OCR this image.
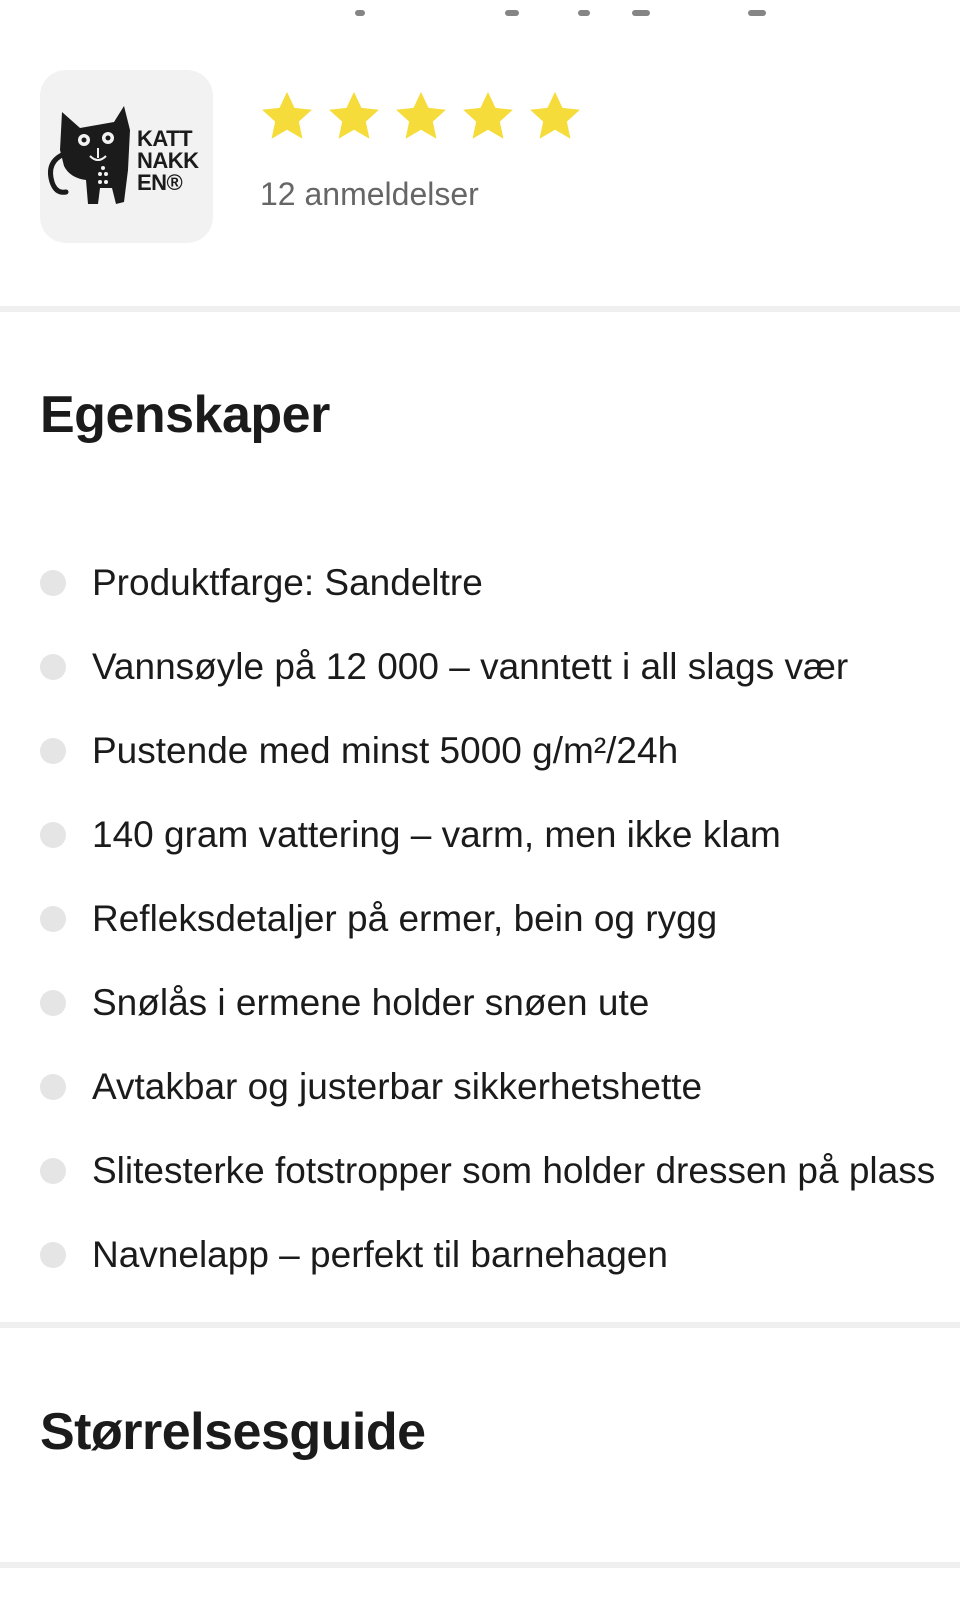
KATT
NAKK
EN® 12 anmeldelser
Egenskaper
Produktfarge: Sandeltre
Vannsøyle på 12 000 – vanntett i all slags vær
Pustende med minst 5000 g/m²/24h
140 gram vattering – varm, men ikke klam
Refleksdetaljer på ermer, bein og rygg
Snølås i ermene holder snøen ute
Avtakbar og justerbar sikkerhetshette
Slitesterke fotstropper som holder dressen på plass
Navnelapp – perfekt til barnehagen
Størrelsesguide
